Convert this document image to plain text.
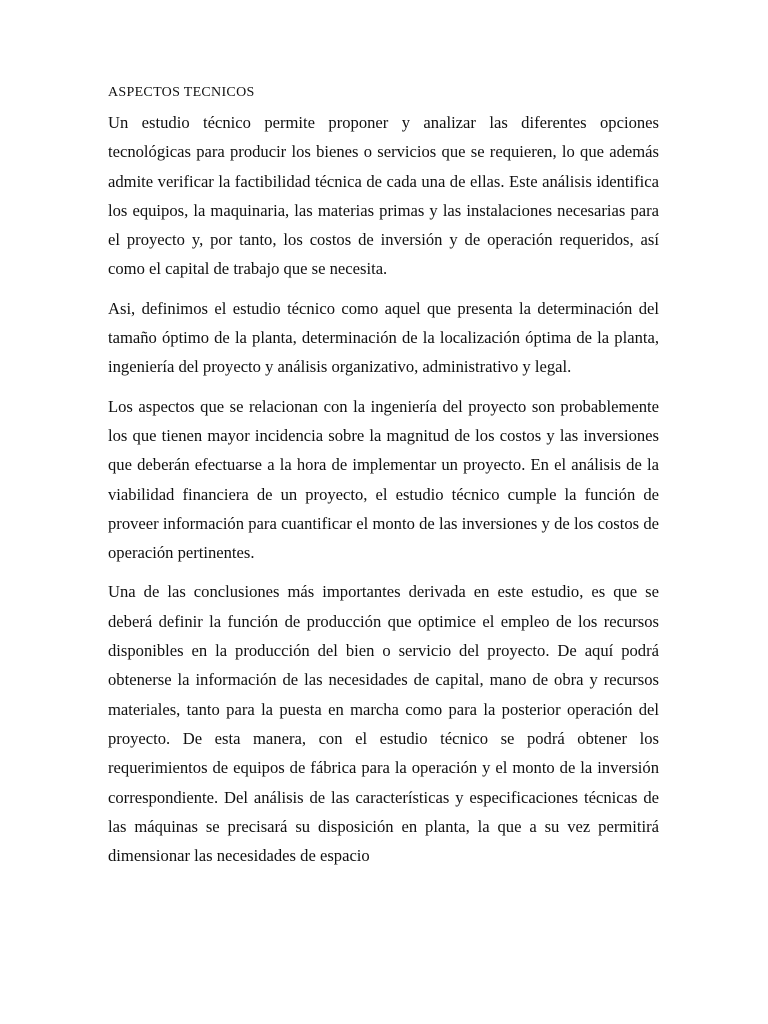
ASPECTOS TECNICOS

Un estudio técnico permite proponer y analizar las diferentes opciones tecnológicas para producir los bienes o servicios que se requieren, lo que además admite verificar la factibilidad técnica de cada una de ellas. Este análisis identifica los equipos, la maquinaria, las materias primas y las instalaciones necesarias para el proyecto y, por tanto, los costos de inversión y de operación requeridos, así como el capital de trabajo que se necesita.

Asi, definimos el estudio técnico como aquel que presenta la determinación del tamaño óptimo de la planta, determinación de la localización óptima de la planta, ingeniería del proyecto y análisis organizativo, administrativo y legal.

Los aspectos que se relacionan con la ingeniería del proyecto son probablemente los que tienen mayor incidencia sobre la magnitud de los costos y las inversiones que deberán efectuarse a la hora de implementar un proyecto. En el análisis de la viabilidad financiera de un proyecto, el estudio técnico cumple la función de proveer información para cuantificar el monto de las inversiones y de los costos de operación pertinentes.

Una de las conclusiones más importantes derivada en este estudio, es que se deberá definir la función de producción que optimice el empleo de los recursos disponibles en la producción del bien o servicio del proyecto. De aquí podrá obtenerse la información de las necesidades de capital, mano de obra y recursos materiales, tanto para la puesta en marcha como para la posterior operación del proyecto. De esta manera, con el estudio técnico se podrá obtener los requerimientos de equipos de fábrica para la operación y el monto de la inversión correspondiente. Del análisis de las características y especificaciones técnicas de las máquinas se precisará su disposición en planta, la que a su vez permitirá dimensionar las necesidades de espacio
